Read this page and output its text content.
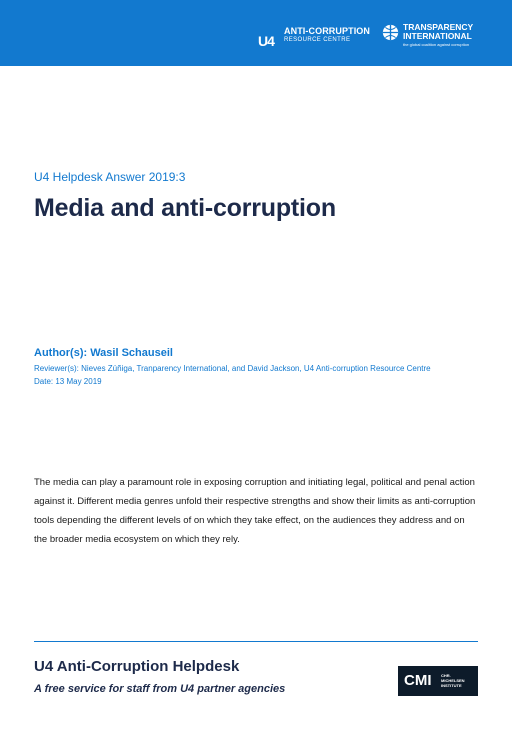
U4
ANTI-CORRUPTION
RESOURCE CENTRE
TRANSPARENCY
INTERNATIONAL
the global coalition against corruption
U4 Helpdesk Answer 2019:3
Media and anti-corruption
Author(s): Wasil Schauseil
Reviewer(s): Nieves Zúñiga, Tranparency International, and David Jackson, U4 Anti-corruption Resource Centre
Date: 13 May 2019

The media can play a paramount role in exposing corruption and initiating legal, political and penal action against it. Different media genres unfold their respective strengths and show their limits as anti-corruption tools depending the different levels of on which they take effect, on the audiences they address and on the broader media ecosystem on which they rely.

U4 Anti-Corruption Helpdesk
A free service for staff from U4 partner agencies	CMI CHR.
MICHELSEN
INSTITUTE
